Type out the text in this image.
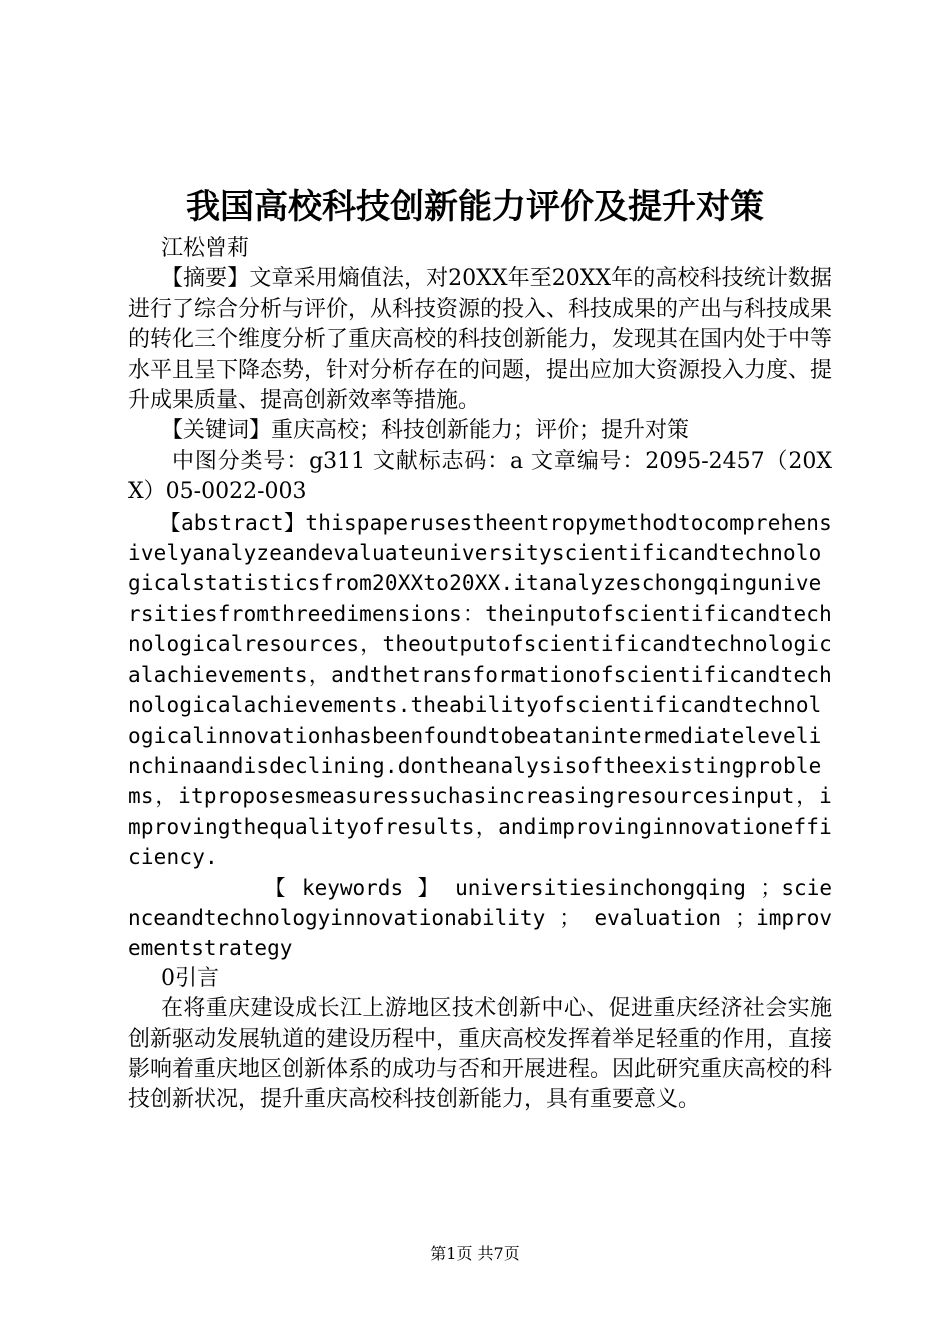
我国高校科技创新能力评价及提升对策

江松曾莉

【摘要】文章采用熵值法，对20XX年至20XX年的高校科技统计数据进行了综合分析与评价，从科技资源的投入、科技成果的产出与科技成果的转化三个维度分析了重庆高校的科技创新能力，发现其在国内处于中等水平且呈下降态势，针对分析存在的问题，提出应加大资源投入力度、提升成果质量、提高创新效率等措施。

【关键词】重庆高校；科技创新能力；评价；提升对策

中图分类号：g311 文献标志码：a 文章编号：2095-2457（20XX）05-0022-003

【abstract】thispaperusestheentropymethodtocomprehensivelyanalyzeandevaluateuniversityscientificandtechnologicalstatisticsfrom20XXto20XX.itanalyzeschongqinguniversitiesfromthreedimensions：theinputofscientificandtechnologicalresources，theoutputofscientificandtechnologicalachievements，andthetransformationofscientificandtechnologicalachievements.theabilityofscientificandtechnologicalinnovationhasbeenfoundtobeatanintermediatelevelinchinaandisdeclining.dontheanalysisoftheexistingproblems，itproposesmeasuressuchasincreasingresourcesinput，improvingthequalityofresults，andimprovinginnovationefficiency.

【 keywords 】 universitiesinchongqing ；scienceandtechnologyinnovationability ； evaluation ；improvementstrategy

0引言

在将重庆建设成长江上游地区技术创新中心、促进重庆经济社会实施创新驱动发展轨道的建设历程中，重庆高校发挥着举足轻重的作用，直接影响着重庆地区创新体系的成功与否和开展进程。因此研究重庆高校的科技创新状况，提升重庆高校科技创新能力，具有重要意义。

第1页 共7页
